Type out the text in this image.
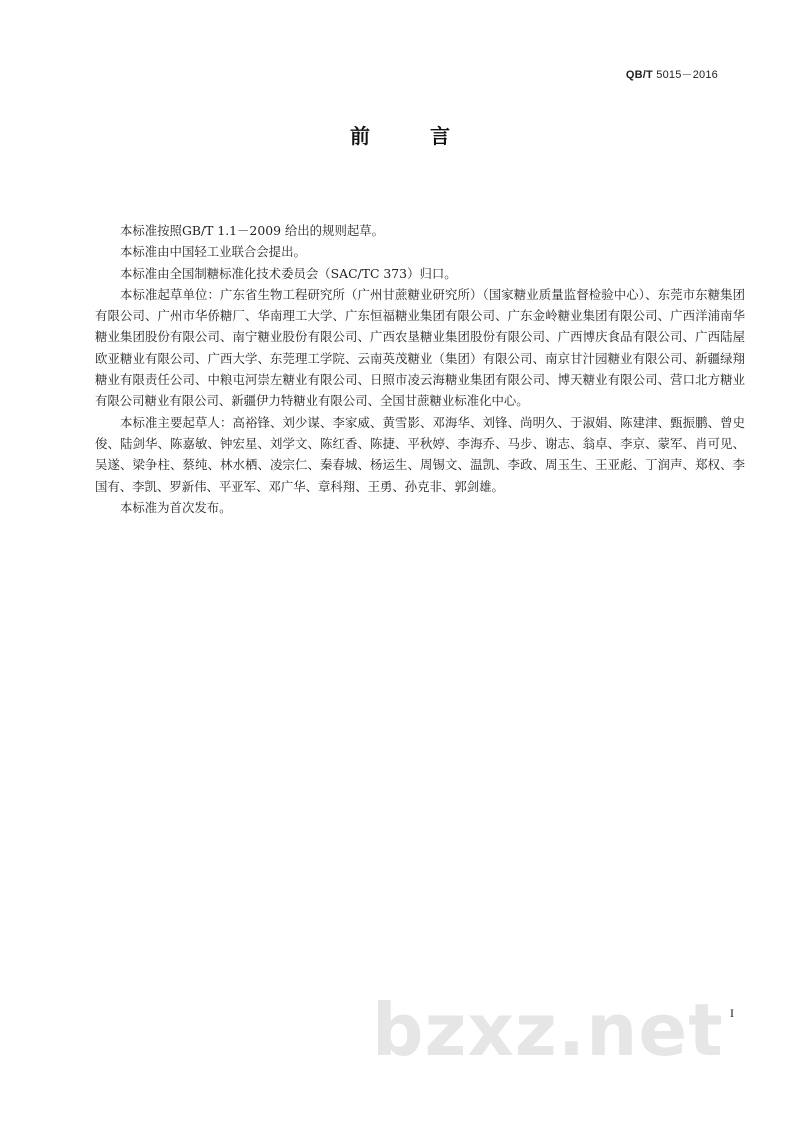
QB/T 5015－2016
前　言

本标准按照GB/T 1.1－2009 给出的规则起草。

本标准由中国轻工业联合会提出。

本标准由全国制糖标准化技术委员会（SAC/TC 373）归口。

本标准起草单位：广东省生物工程研究所（广州甘蔗糖业研究所）（国家糖业质量监督检验中心）、东莞市东糖集团有限公司、广州市华侨糖厂、华南理工大学、广东恒福糖业集团有限公司、广东金岭糖业集团有限公司、广西洋浦南华糖业集团股份有限公司、南宁糖业股份有限公司、广西农垦糖业集团股份有限公司、广西博庆食品有限公司、广西陆屋欧亚糖业有限公司、广西大学、东莞理工学院、云南英茂糖业（集团）有限公司、南京甘汁园糖业有限公司、新疆绿翔糖业有限责任公司、中粮屯河崇左糖业有限公司、日照市凌云海糖业集团有限公司、博天糖业有限公司、营口北方糖业有限公司糖业有限公司、新疆伊力特糖业有限公司、全国甘蔗糖业标准化中心。

本标准主要起草人：高裕锋、刘少谋、李家威、黄雪影、邓海华、刘锋、尚明久、于淑娟、陈建津、甄振鹏、曾史俊、陆剑华、陈嘉敏、钟宏星、刘学文、陈红香、陈捷、平秋婷、李海乔、马步、谢志、翁卓、李京、蒙军、肖可见、吴遂、梁争柱、蔡纯、林水栖、凌宗仁、秦春城、杨运生、周锡文、温凯、李政、周玉生、王亚彪、丁润声、郑权、李国有、李凯、罗新伟、平亚军、邓广华、章科翔、王勇、孙克非、郭剑雄。

本标准为首次发布。

bzxz.net I
